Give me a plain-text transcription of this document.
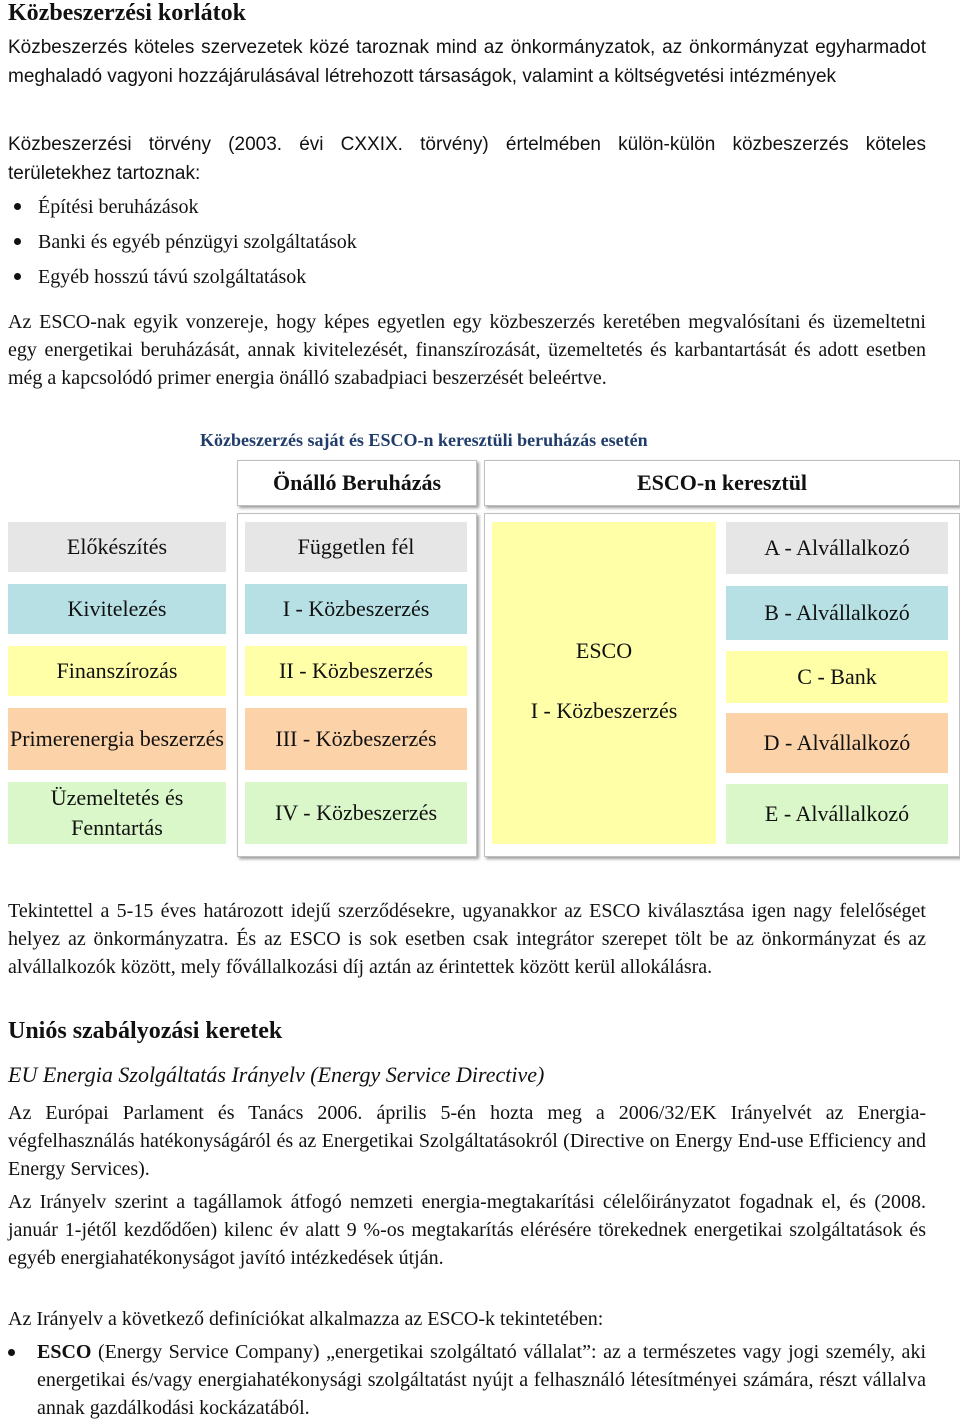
Közbeszerzési korlátok
Közbeszerzés köteles szervezetek közé taroznak mind az önkormányzatok, az önkormányzat egyharmadot meghaladó vagyoni hozzájárulásával létrehozott társaságok, valamint a költségvetési intézmények
Közbeszerzési törvény (2003. évi CXXIX. törvény) értelmében külön-külön közbeszerzés köteles területekhez tartoznak:
Építési beruházások
Banki és egyéb pénzügyi szolgáltatások
Egyéb hosszú távú szolgáltatások
Az ESCO-nak egyik vonzereje, hogy képes egyetlen egy közbeszerzés keretében megvalósítani és üzemeltetni egy energetikai beruházását, annak kivitelezését, finanszírozását, üzemeltetés és karbantartását és adott esetben még a kapcsolódó primer energia önálló szabadpiaci beszerzését beleértve.
Közbeszerzés saját és ESCO-n keresztüli beruházás esetén
Önálló Beruházás	ESCO-n keresztül
Előkészítés
Kivitelezés
Finanszírozás
Primerenergia beszerzés
Üzemeltetés és Fenntartás
Független fél
I - Közbeszerzés
II - Közbeszerzés
III - Közbeszerzés
IV - Közbeszerzés
ESCO
I - Közbeszerzés
A - Alvállalkozó
B - Alvállalkozó
C - Bank
D - Alvállalkozó
E - Alvállalkozó
Tekintettel a 5-15 éves határozott idejű szerződésekre, ugyanakkor az ESCO kiválasztása igen nagy felelőséget helyez az önkormányzatra. És az ESCO is sok esetben csak integrátor szerepet tölt be az önkormányzat és az alvállalkozók között, mely fővállalkozási díj aztán az érintettek között kerül allokálásra.
Uniós szabályozási keretek
EU Energia Szolgáltatás Irányelv (Energy Service Directive)
Az Európai Parlament és Tanács 2006. április 5-én hozta meg a 2006/32/EK Irányelvét az Energia-végfelhasználás hatékonyságáról és az Energetikai Szolgáltatásokról (Directive on Energy End-use Efficiency and Energy Services).
Az Irányelv szerint a tagállamok átfogó nemzeti energia-megtakarítási célelőirányzatot fogadnak el, és (2008. január 1-jétől kezdődően) kilenc év alatt 9 %-os megtakarítás elérésére törekednek energetikai szolgáltatások és egyéb energiahatékonyságot javító intézkedések útján.
Az Irányelv a következő definíciókat alkalmazza az ESCO-k tekintetében:
ESCO (Energy Service Company) „energetikai szolgáltató vállalat”: az a természetes vagy jogi személy, aki energetikai és/vagy energiahatékonysági szolgáltatást nyújt a felhasználó létesítményei számára, részt vállalva annak gazdálkodási kockázatából.
